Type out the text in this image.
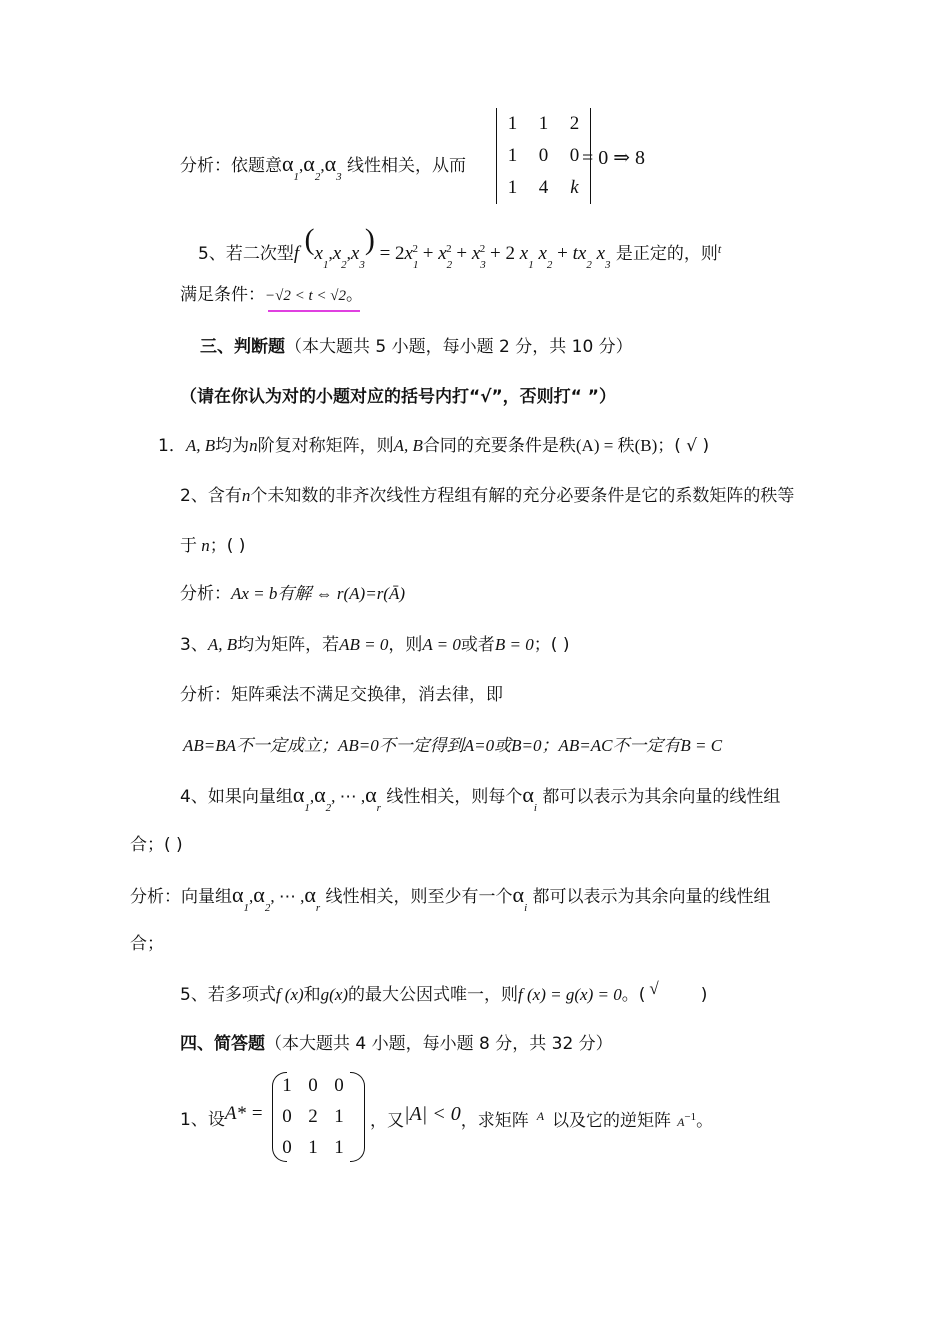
分析：依题意$\alpha_1,\alpha_2,\alpha_3$ 线性相关，从而
1	1	2
1	0	0
1	4	k
= 0 ⇒ 8
5、若二次型f $(x_1,x_2,x_3) = 2x_1^2 + x_2^2 + x_3^2 + 2$ $x_1$ $x_2 + tx_2$ $x_3$ 是正定的，则$^t$
满足条件：−√2 < t < √2。
三、判断题（本大题共 5 小题，每小题 2 分，共 10 分）
（请在你认为对的小题对应的括号内打“√”，否则打“ ”）
1．A, B均为n阶复对称矩阵，则A, B合同的充要条件是秩(A) = 秩(B)；( √ )
2、含有n个未知数的非齐次线性方程组有解的充分必要条件是它的系数矩阵的秩等
于 n；( )
分析：Ax = b有解 ⇔ r(A)=r(Ā)
3、A, B均为矩阵，若AB = 0，则A = 0或者B = 0；( )
分析：矩阵乘法不满足交换律，消去律，即
AB=BA不一定成立；AB=0不一定得到A=0或B=0；AB=AC不一定有B = C
4、如果向量组$\alpha_1,\alpha_2$, ⋯ $,\alpha_r$ 线性相关，则每个$\alpha_i$ 都可以表示为其余向量的线性组
合；( )
分析：向量组$\alpha_1,\alpha_2$, ⋯ $,\alpha_r$ 线性相关，则至少有一个$\alpha_i$ 都可以表示为其余向量的线性组
合；
5、若多项式f (x)和g(x)的最大公因式唯一，则f (x) = g(x) = 0。( √ )
四、简答题（本大题共 4 小题，每小题 8 分，共 32 分）
1、设A* =
1 0 0
0 2 1
0 1 1
，又|A| < 0，求矩阵 $^A$ 以及它的逆矩阵 $A^{-1}$。
